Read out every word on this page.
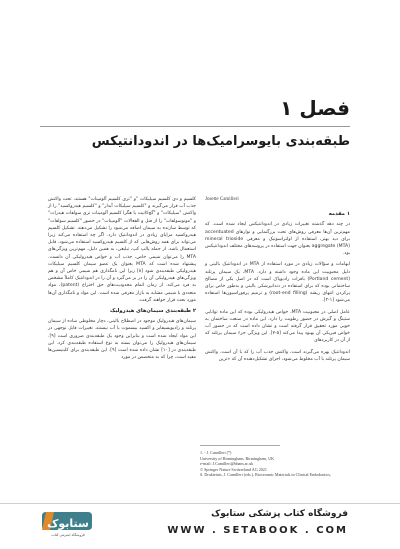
فصل ۱
طبقه‌بندی بایوسرامیک‌ها در اندودانتیکس
Josette Camilleri
۱ مقدمه

در چند دهه گذشته تغییرات زیادی در اندودانتیکس ایجاد شده است. که مهم‌ترین آن‌ها معرفی روش‌های تحت بزرگنمایی و نوارهای accentuated برای دید بهتر، استفاده از اولتراسونیک و معرفی mineral trioxide aggregate (MTA) بعنوان جهت استفاده در پروسه‌های مختلف اندودانتیکس بود.

ابهامات و سؤالات زیادی در مورد استفاده از MTA در اندودانتیک بالینی و دلیل محبوبیت این ماده وجود داشته و دارد. MTA، یک سیمان پرتلند (Portland cement) بافرات رادیوپاک است که در اصل یکی از مصالح ساختمانی بوده که برای استفاده در دندانپزشکی بالینی و به‌طور خاص برای پرکردن انتهای ریشه (root-end filling) و ترمیم پرفوراسیون‌ها استفاده می‌شود [۱-۲].

عامل اصلی در محبوبیت MTA، خواص هیدرولیکی بوده که این ماده توانایی ستینگ و گیرش در حضور رطوبت را دارد. این ماده در صنعت ساختمان به خوبی مورد تحقیق قرار گرفته است و نشان داده است که در حضور آب خواص فیزیکی آن بهبود پیدا می‌کند [۵-۷]. این ویژگی جزء سیمان پرتلند که از آن در کاربردهای

اندودانتیک بهره می‌گیرند است، واکنش جذب آب را که با آن است. واکنش سیمان پرتلند با آب مخلوط می‌شود، اجزای تشکیل‌دهنده آن که ‌‌‌«ترین

کلسیم و دی کلسیم سیلیکات "و "تری کلسیم آلومینات" هستند، تحت واکنش جذب آب قرار می‌گیرند و "کلسیم سیلیکات آبدار" و "کلسیم هیدروکسید" را از واکنش "سیلیکات" و "گچ‌کاتیت یا هگزا کلسیم آلومینات تری سولفات هیدرات" و "مونوسولفات" را از فنل و الفعالات "آلومینات" در حضور "کلسیم سولفات" که توسط سازنده به سیمان اضافه می‌شود را تشکیل می‌دهند. تشکیل کلسیم هیدروکسید مزایای زیادی در اندودانتیک دارد. اگر چه استفاده می‌کند زیرا می‌تواند برای همه روش‌هایی که از کلسیم هیدروکسید استفاده می‌شود، قابل استعمال باشد. از جمله پالپ کپ، تبلیغی، به همین دلیل، مهم‌ترین ویژگی‌های MTA را می‌توان شیمی خاص، جذب آب و خواص هیدرولیکی آن دانست. پیشنهاد شده است که MTA بعنوان یک عضو سیمان کلسیم سیلیکات هیدرولیکی طبقه‌بندی شود [۸] زیرا این نامگذاری هم شیمی خاص آن و هم ویژگی‌های هیدرولیکی آن را در بر می‌گیرد و آن را در اندودانتیک کاملاً مشخص به فرد می‌کند. از زمان اتمام محدودیت‌های حق اختراع (patent)، مواد متعددی با شیمی مشابه به بازار معرفی شده است. این مواد و نامگذاری آن‌ها مورد بحث قرار خواهند گرفت.

۲ طبقه‌بندی سیمان‌های هیدرولیک

سیمان‌های هیدرولیک موجود در اصطلاح بالینی، دچار مخلوطی ساده از سیمان پرتلند و رادیوپسیفایر و اکسید بیسموت با آب نیستند. تغییرات قابل توجهی در این مواد ایجاد شده است و بنابراین وجود یک طبقه‌بندی ضروری است [۹]. سیمان‌های هیدرولیک را می‌توان بسته به نوع استفاده طبقه‌بندی کرد. این طبقه‌بندی در [۱۰] نشان داده شده است [۹]. این طبقه‌بندی برای کلینیسین‌ها مفید است، چرا که به متخصص در مورد

1. - J. Camilleri (*)

University of Birmingham, Birmingham, UK

e-mail: J.Camilleri@bham.ac.uk

© Springer Nature Switzerland AG 2021

S. Drukteinis, J. Camilleri (eds.), Bioceramic Materials in Clinical Endodontics,

ستابوک
فروشگاه اینترنتی کتاب
فروشگاه کتاب پزشکی ستابوک
WWW . SETABOOK . COM
